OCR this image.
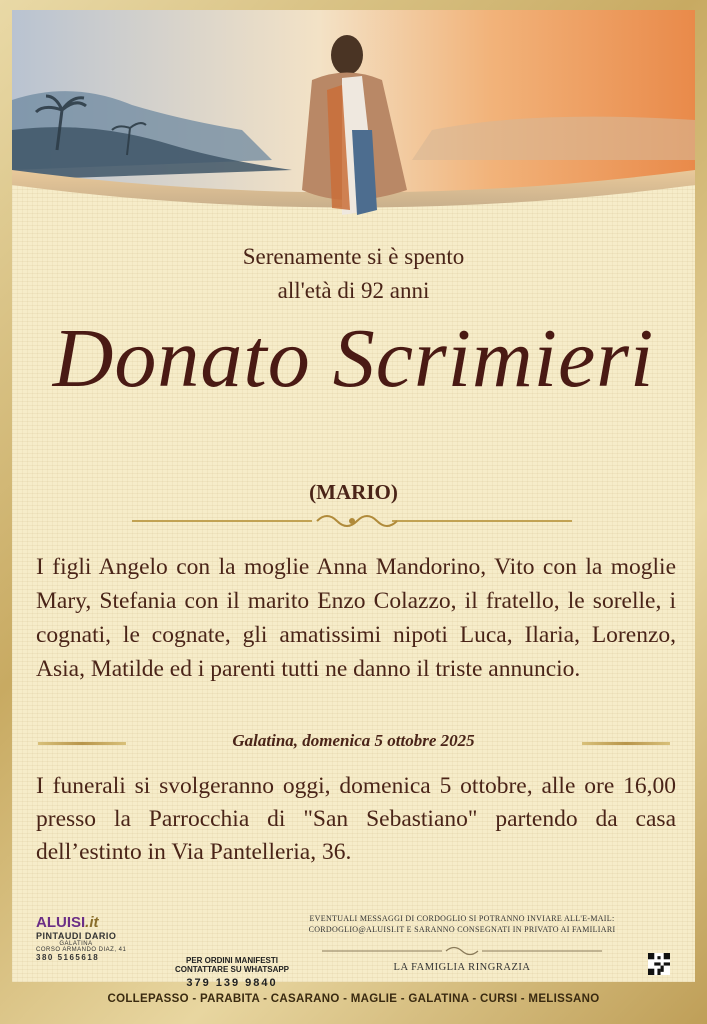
Serenamente si è spento
all'età di 92 anni
Donato Scrimieri
(MARIO)
I figli Angelo con la moglie Anna Mandorino, Vito con la moglie Mary, Stefania con il marito Enzo Colazzo, il fratello, le sorelle, i cognati, le cognate, gli amatissimi nipoti Luca, Ilaria, Lorenzo, Asia, Matilde ed i parenti tutti ne danno il triste annuncio.
Galatina, domenica 5 ottobre 2025
I funerali si svolgeranno oggi, domenica 5 ottobre, alle ore 16,00 presso la Parrocchia di "San Sebastiano" partendo da casa dell’estinto in Via Pantelleria, 36.
ALUISI.it
PINTAUDI DARIO
GALATINA
CORSO ARMANDO DIAZ, 41
380 5165618	PER ORDINI MANIFESTI
CONTATTARE SU WHATSAPP
379 139 9840
EVENTUALI MESSAGGI DI CORDOGLIO SI POTRANNO INVIARE ALL'E-MAIL:
CORDOGLIO@ALUISI.IT E SARANNO CONSEGNATI IN PRIVATO AI FAMILIARI
LA FAMIGLIA RINGRAZIA
COLLEPASSO - PARABITA - CASARANO - MAGLIE - GALATINA - CURSI - MELISSANO
